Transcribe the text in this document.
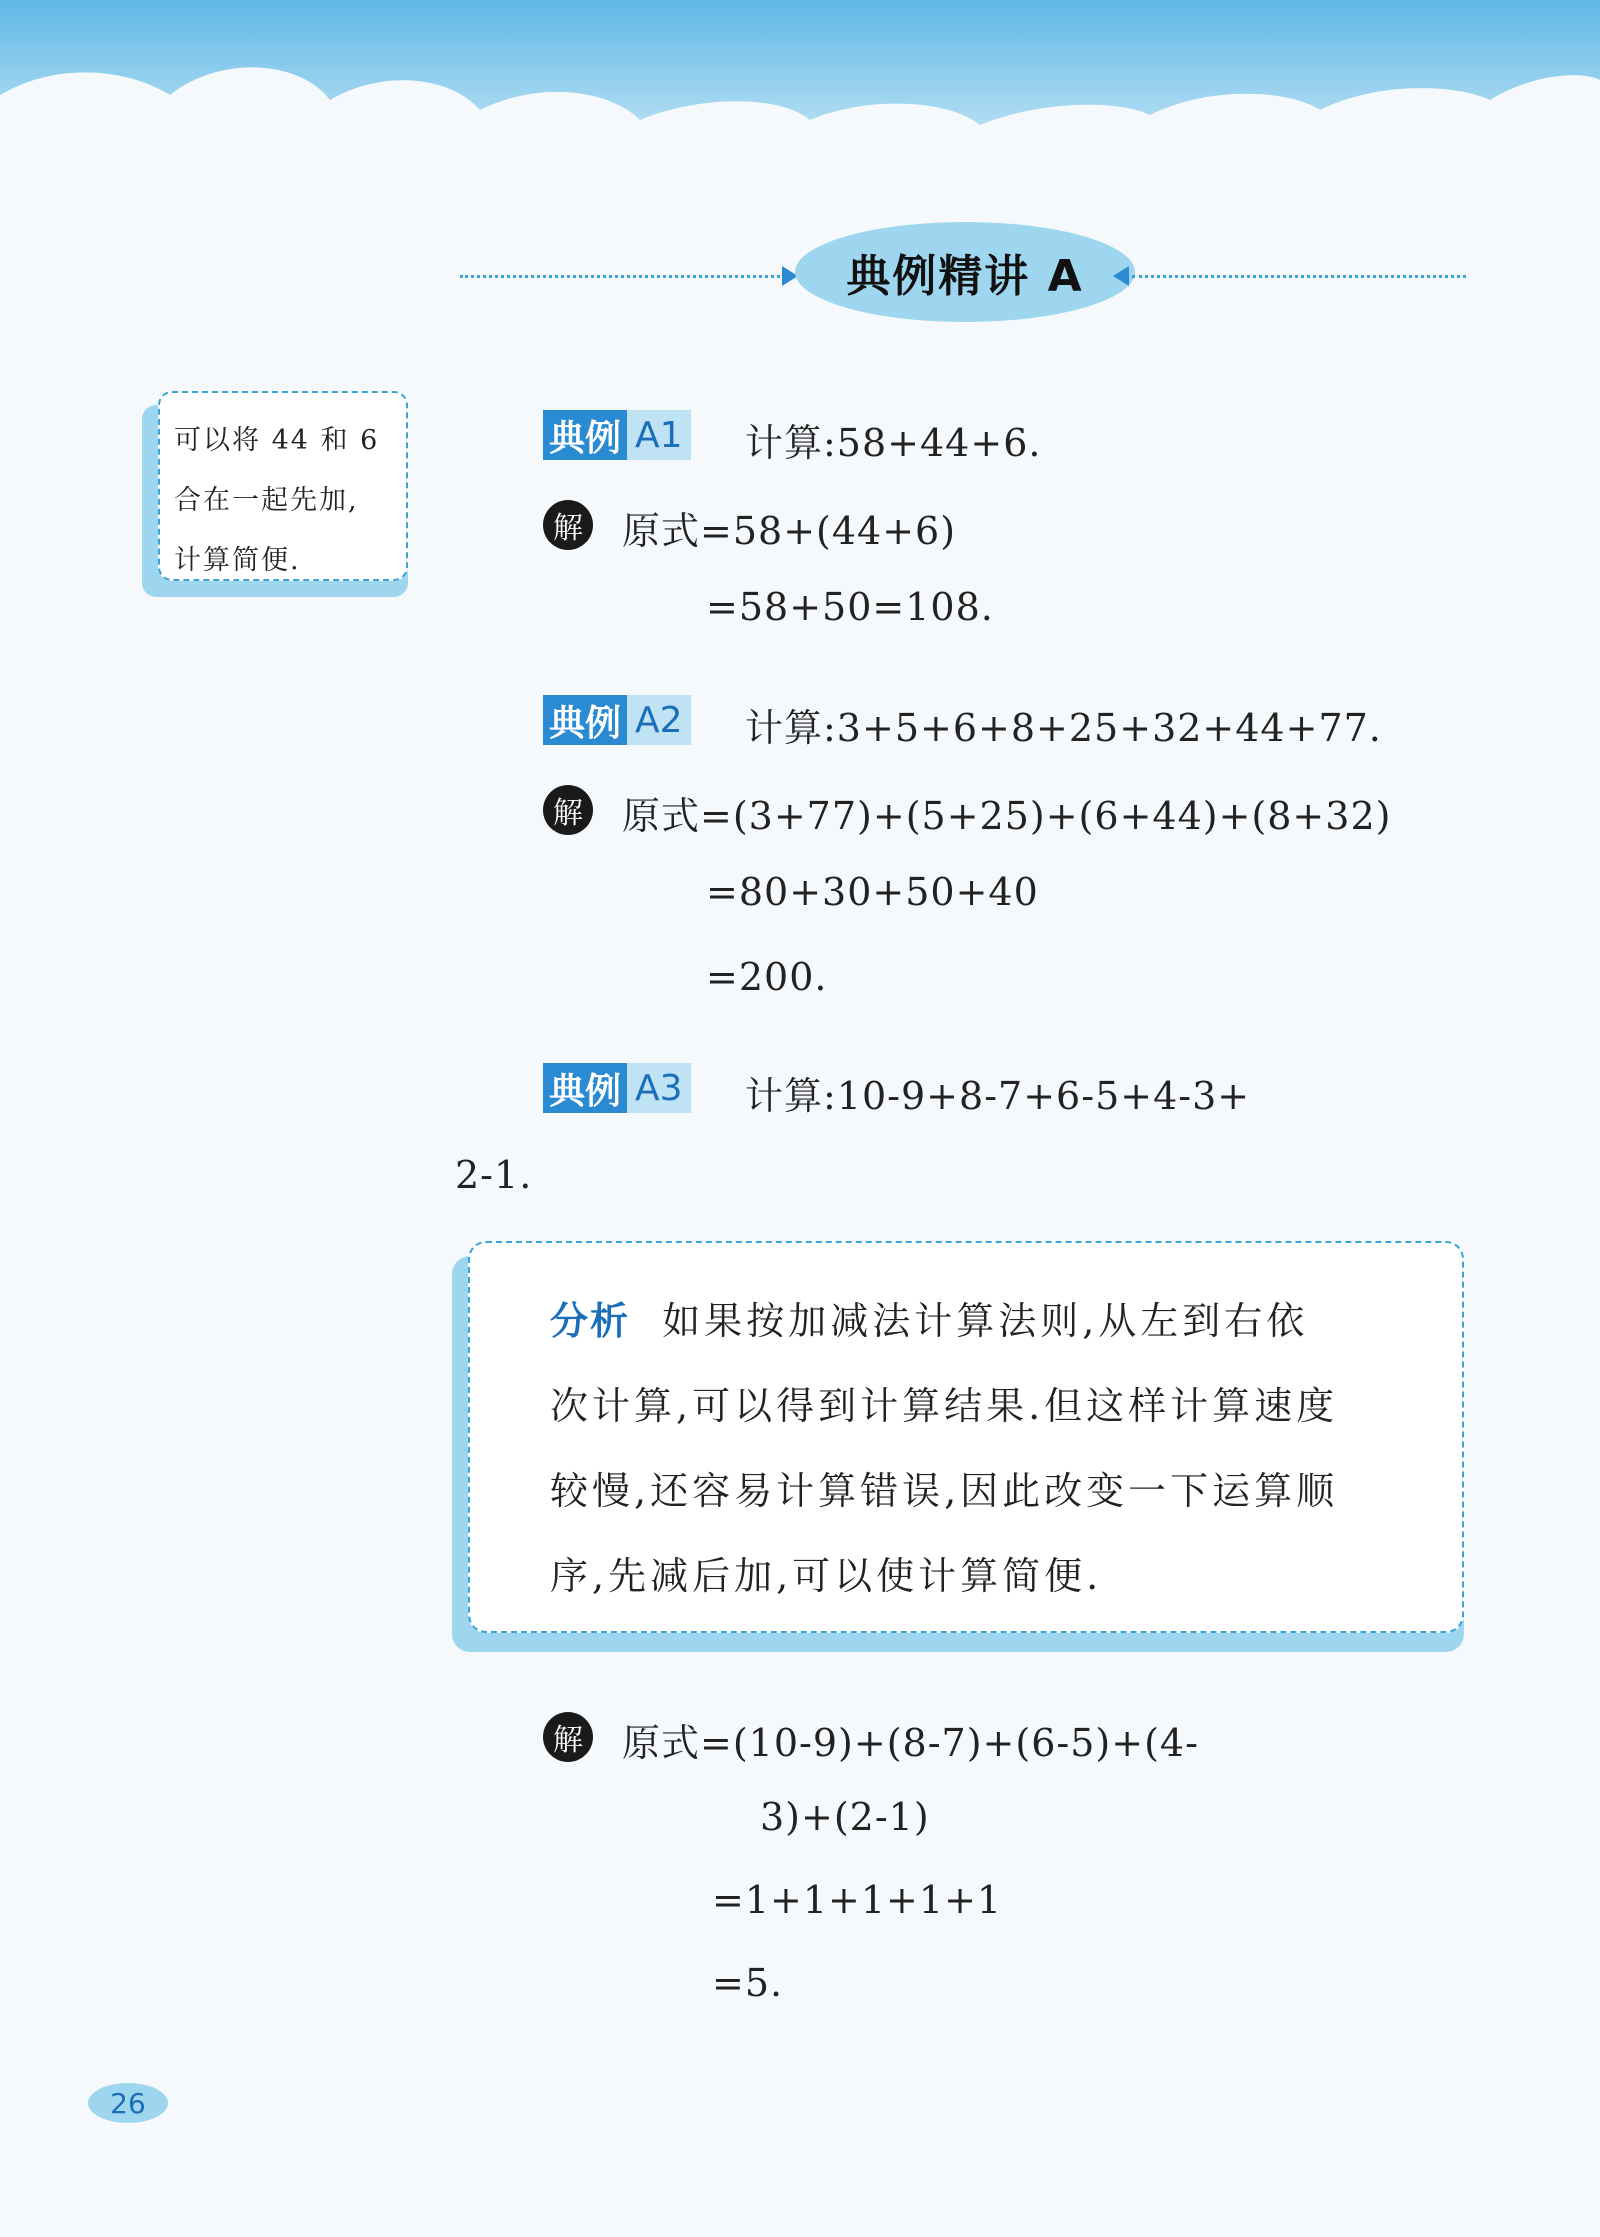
典例精讲 A
可以将 44 和 6
合在一起先加,
计算简便.
典例 A1 计算:58+44+6.
解 原式=58+(44+6)
=58+50=108.
典例 A2 计算:3+5+6+8+25+32+44+77.
解 原式=(3+77)+(5+25)+(6+44)+(8+32)
=80+30+50+40
=200.
典例 A3 计算:10-9+8-7+6-5+4-3+
2-1.
分析 如果按加减法计算法则,从左到右依
次计算,可以得到计算结果.但这样计算速度
较慢,还容易计算错误,因此改变一下运算顺
序,先减后加,可以使计算简便.
解 原式=(10-9)+(8-7)+(6-5)+(4-
3)+(2-1)
=1+1+1+1+1
=5.
26
